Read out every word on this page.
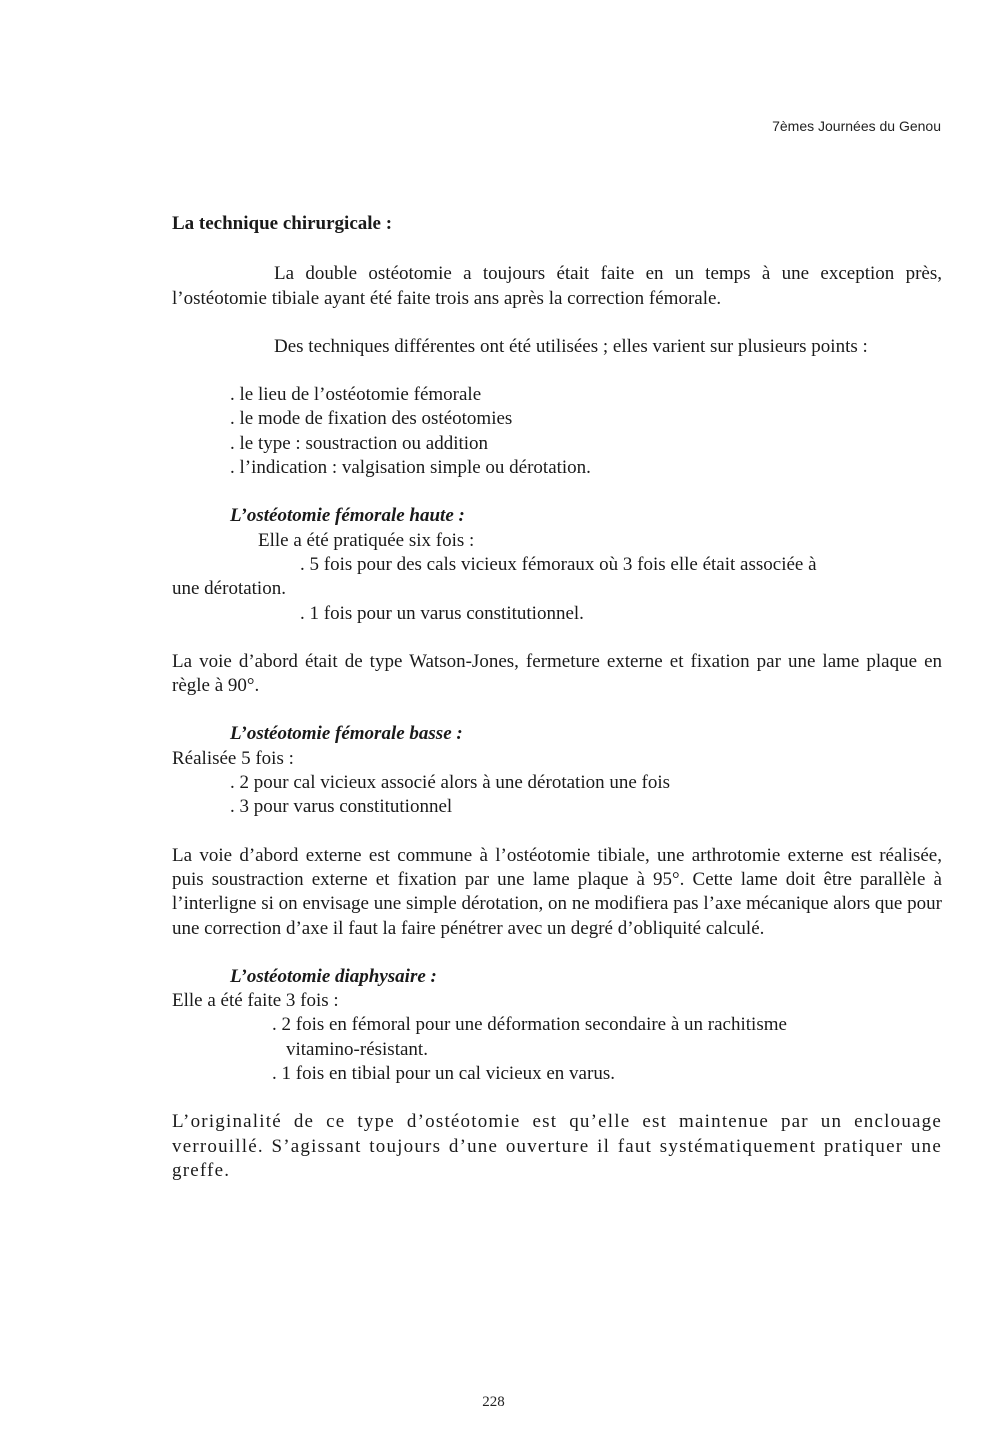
7èmes Journées du Genou
La technique chirurgicale :

La double ostéotomie a toujours était faite en un temps à une exception près, l’ostéotomie tibiale ayant été faite trois ans après la correction fémorale.

Des techniques différentes ont été utilisées ; elles varient sur plusieurs points :

. le lieu de l’ostéotomie fémorale
. le mode de fixation des ostéotomies
. le type : soustraction ou addition
. l’indication : valgisation simple ou dérotation.
L’ostéotomie fémorale haute :
Elle a été pratiquée six fois :
. 5 fois pour des cals vicieux fémoraux où 3 fois elle était associée à
une dérotation.
. 1 fois pour un varus constitutionnel.

La voie d’abord était de type Watson-Jones, fermeture externe et fixation par une lame plaque en règle à 90°.

L’ostéotomie fémorale basse :
Réalisée 5 fois :
. 2 pour cal vicieux associé alors à une dérotation une fois
. 3 pour varus constitutionnel

La voie d’abord externe est commune à l’ostéotomie tibiale, une arthrotomie externe est réalisée, puis soustraction externe et fixation par une lame plaque à 95°. Cette lame doit être parallèle à l’interligne si on envisage une simple dérotation, on ne modifiera pas l’axe mécanique alors que pour une correction d’axe il faut la faire pénétrer avec un degré d’obliquité calculé.

L’ostéotomie diaphysaire :
Elle a été faite 3 fois :
. 2 fois en fémoral pour une déformation secondaire à un rachitisme
vitamino-résistant.
. 1 fois en tibial pour un cal vicieux en varus.

L’originalité de ce type d’ostéotomie est qu’elle est maintenue par un enclouage verrouillé. S’agissant toujours d’une ouverture il faut systématiquement pratiquer une greffe.

228
